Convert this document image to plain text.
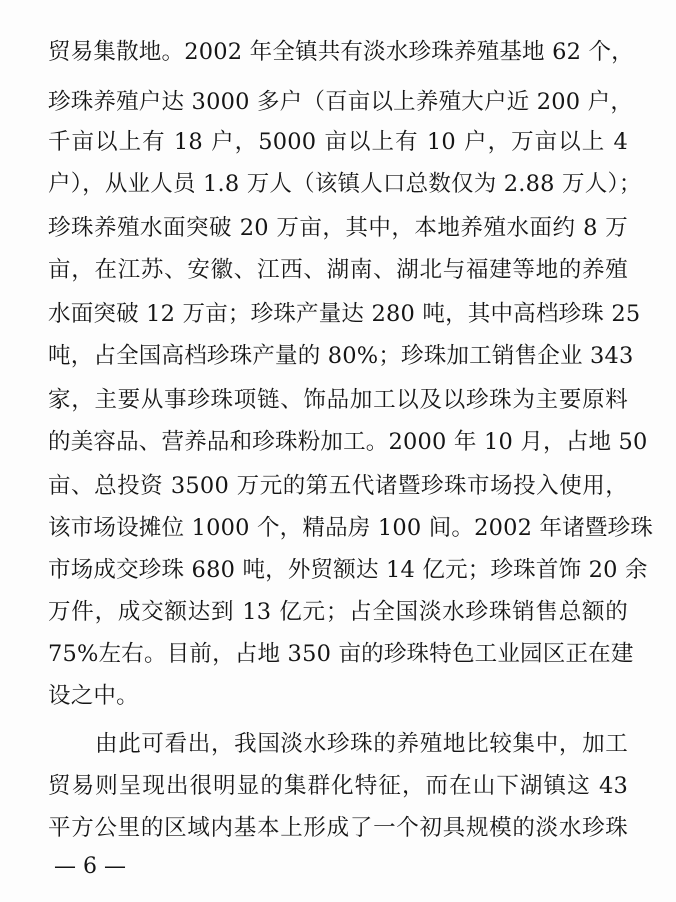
贸易集散地。2002 年全镇共有淡水珍珠养殖基地 62 个，
珍珠养殖户达 3000 多户（百亩以上养殖大户近 200 户，
千亩以上有 18 户，5000 亩以上有 10 户，万亩以上 4
户），从业人员 1.8 万人（该镇人口总数仅为 2.88 万人）；
珍珠养殖水面突破 20 万亩，其中，本地养殖水面约 8 万
亩，在江苏、安徽、江西、湖南、湖北与福建等地的养殖
水面突破 12 万亩；珍珠产量达 280 吨，其中高档珍珠 25
吨，占全国高档珍珠产量的 80%；珍珠加工销售企业 343
家，主要从事珍珠项链、饰品加工以及以珍珠为主要原料
的美容品、营养品和珍珠粉加工。2000 年 10 月，占地 50
亩、总投资 3500 万元的第五代诸暨珍珠市场投入使用，
该市场设摊位 1000 个，精品房 100 间。2002 年诸暨珍珠
市场成交珍珠 680 吨，外贸额达 14 亿元；珍珠首饰 20 余
万件，成交额达到 13 亿元；占全国淡水珍珠销售总额的
75%左右。目前，占地 350 亩的珍珠特色工业园区正在建
设之中。
由此可看出，我国淡水珍珠的养殖地比较集中，加工
贸易则呈现出很明显的集群化特征，而在山下湖镇这 43
平方公里的区域内基本上形成了一个初具规模的淡水珍珠
— 6 —
